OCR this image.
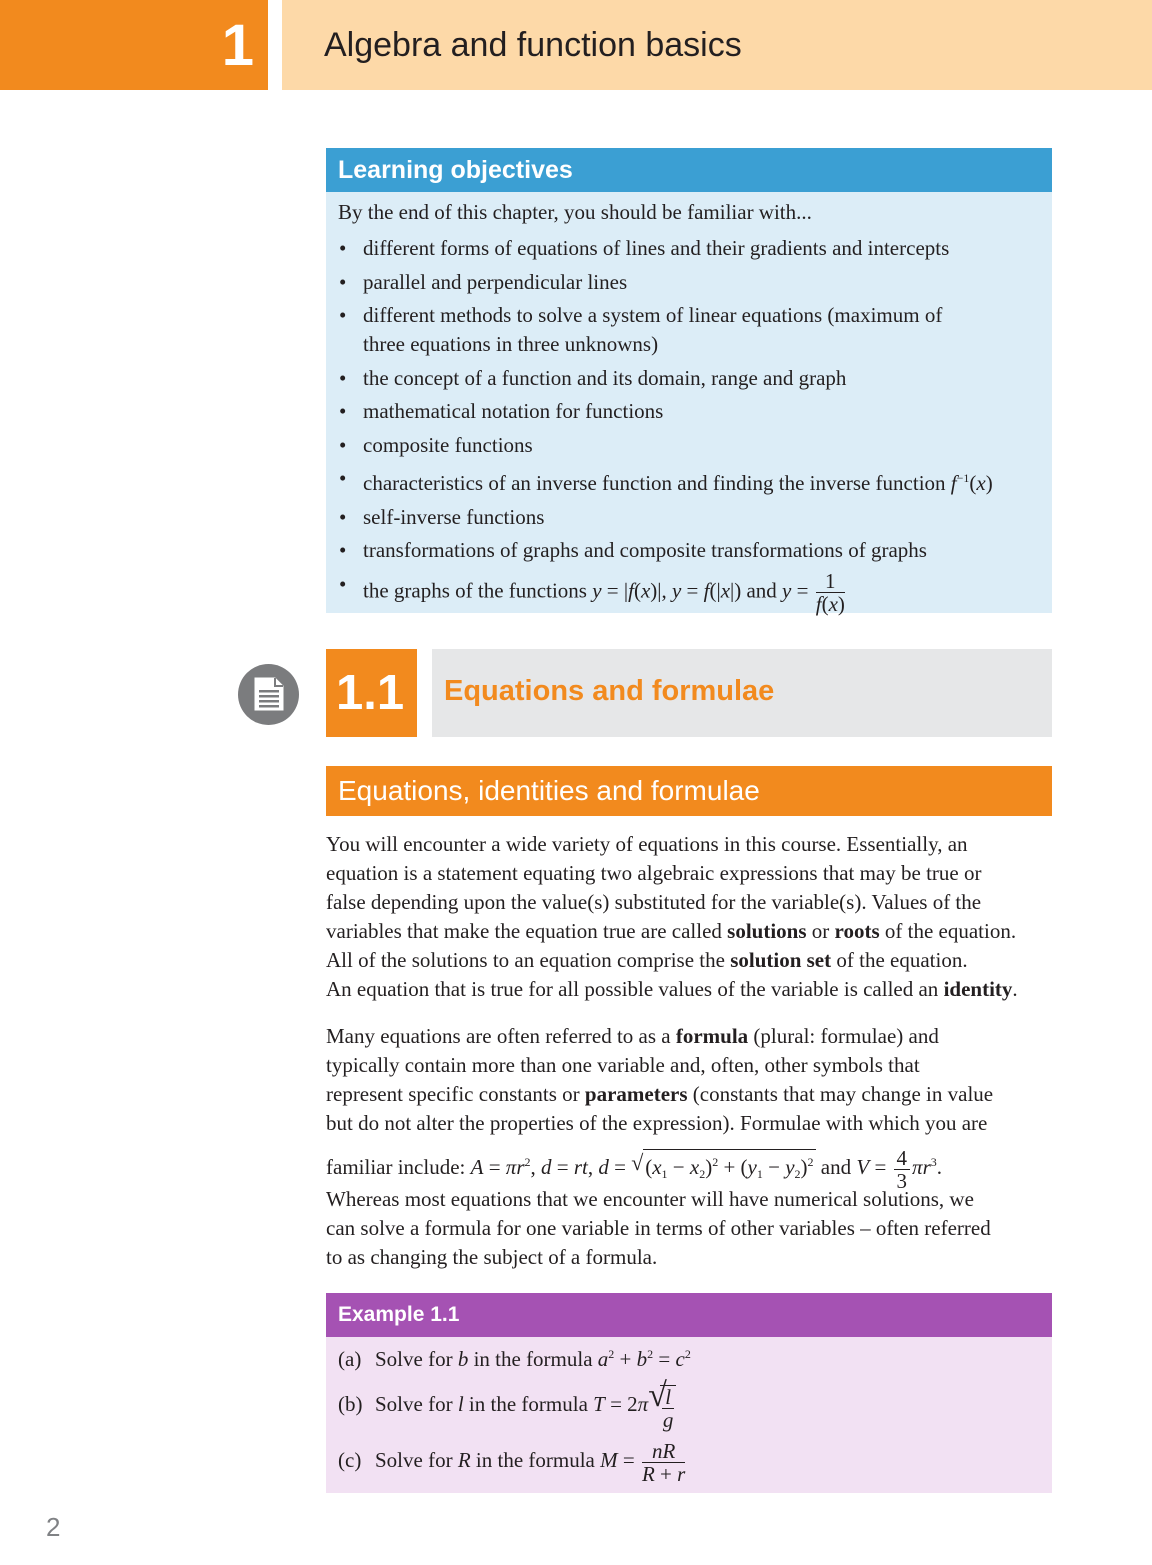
1 Algebra and function basics
Learning objectives
By the end of this chapter, you should be familiar with...
• different forms of equations of lines and their gradients and intercepts
• parallel and perpendicular lines
• different methods to solve a system of linear equations (maximum of
three equations in three unknowns)
• the concept of a function and its domain, range and graph
• mathematical notation for functions
• composite functions
• characteristics of an inverse function and finding the inverse function $f^{-1}(x)$
• self-inverse functions
• transformations of graphs and composite transformations of graphs
• the graphs of the functions y = |f(x)|, y = f(|x|) and $y = \frac{1}{f(x)}$
1.1 Equations and formulae
Equations, identities and formulae
You will encounter a wide variety of equations in this course. Essentially, an
equation is a statement equating two algebraic expressions that may be true or
false depending upon the value(s) substituted for the variable(s). Values of the
variables that make the equation true are called solutions or roots of the equation.
All of the solutions to an equation comprise the solution set of the equation.
An equation that is true for all possible values of the variable is called an identity.
Many equations are often referred to as a formula (plural: formulae) and
typically contain more than one variable and, often, other symbols that
represent specific constants or parameters (constants that may change in value
but do not alter the properties of the expression). Formulae with which you are
familiar include: $A = \pi r^2$, d = rt, d = √ $(x_1 - x_2)^2 + (y_1 - y_2)^2$ and $V = \frac{4}{3} \pi r^3$.
Whereas most equations that we encounter will have numerical solutions, we
can solve a formula for one variable in terms of other variables – often referred
to as changing the subject of a formula.
Example 1.1
(a) Solve for b in the formula $a^2 + b^2 = c^2$
(b) Solve for l in the formula T = 2π √
$\frac{l}{g}$
(c) Solve for R in the formula $M = \frac{nR}{R + r}$
2
